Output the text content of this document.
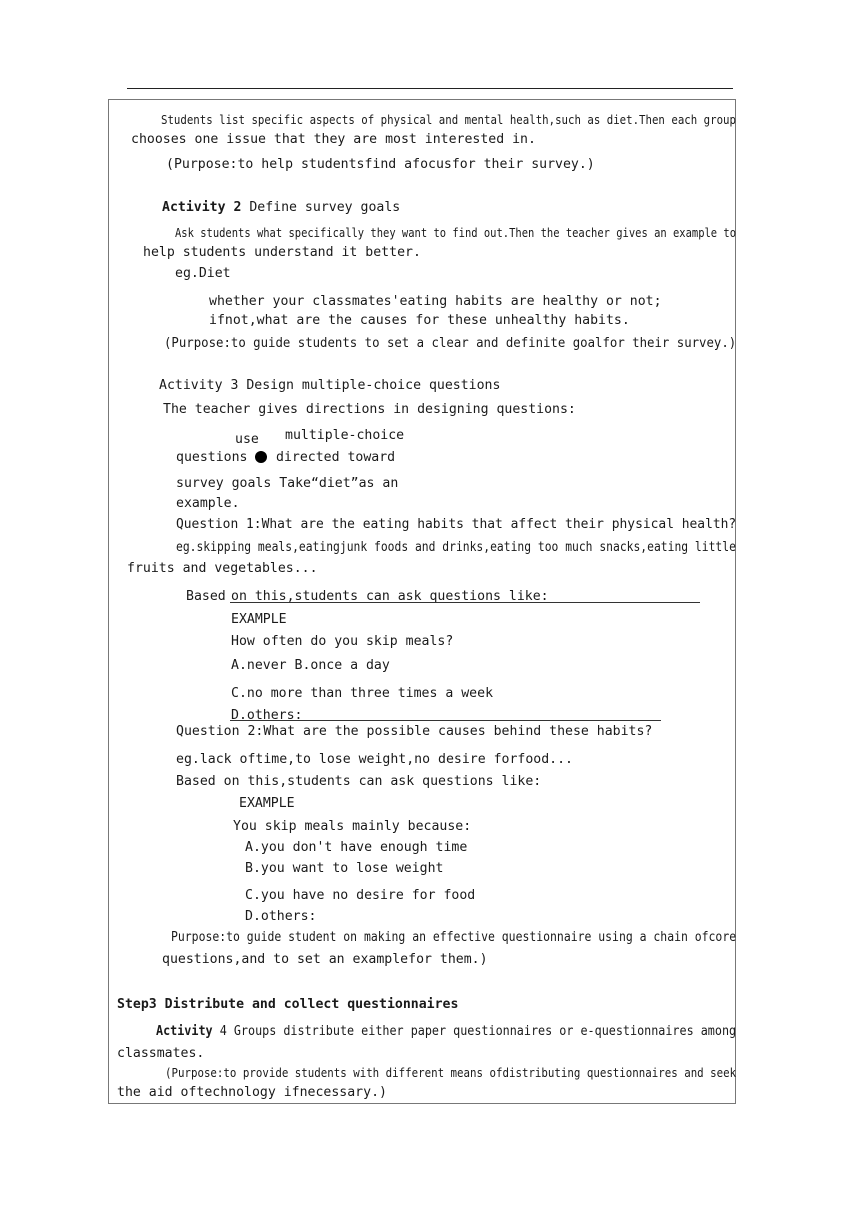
Students list specific aspects of physical and mental health,such as diet.Then each group
chooses one issue that they are most interested in.
(Purpose:to help studentsfind afocusfor their survey.)
Activity 2 Define survey goals
Ask students what specifically they want to find out.Then the teacher gives an example to
help students understand it better.
eg.Diet
whether your classmates'eating habits are healthy or not;
ifnot,what are the causes for these unhealthy habits.
(Purpose:to guide students to set a clear and definite goalfor their survey.)
Activity 3 Design multiple-choice questions
The teacher gives directions in designing questions:
use multiple-choice
questions directed toward
survey goals Take“diet”as an
example.
Question 1:What are the eating habits that affect their physical health?
eg.skipping meals,eatingjunk foods and drinks,eating too much snacks,eating little
fruits and vegetables...
Based on this,students can ask questions like:
EXAMPLE
How often do you skip meals?
A.never B.once a day
C.no more than three times a week
D.others:
Question 2:What are the possible causes behind these habits?
eg.lack oftime,to lose weight,no desire forfood...
Based on this,students can ask questions like:
EXAMPLE
You skip meals mainly because:
A.you don't have enough time
B.you want to lose weight
C.you have no desire for food
D.others:
Purpose:to guide student on making an effective questionnaire using a chain ofcore
questions,and to set an examplefor them.)
Step3 Distribute and collect questionnaires
Activity 4 Groups distribute either paper questionnaires or e-questionnaires among
classmates.
(Purpose:to provide students with different means ofdistributing questionnaires and seek
the aid oftechnology ifnecessary.)
